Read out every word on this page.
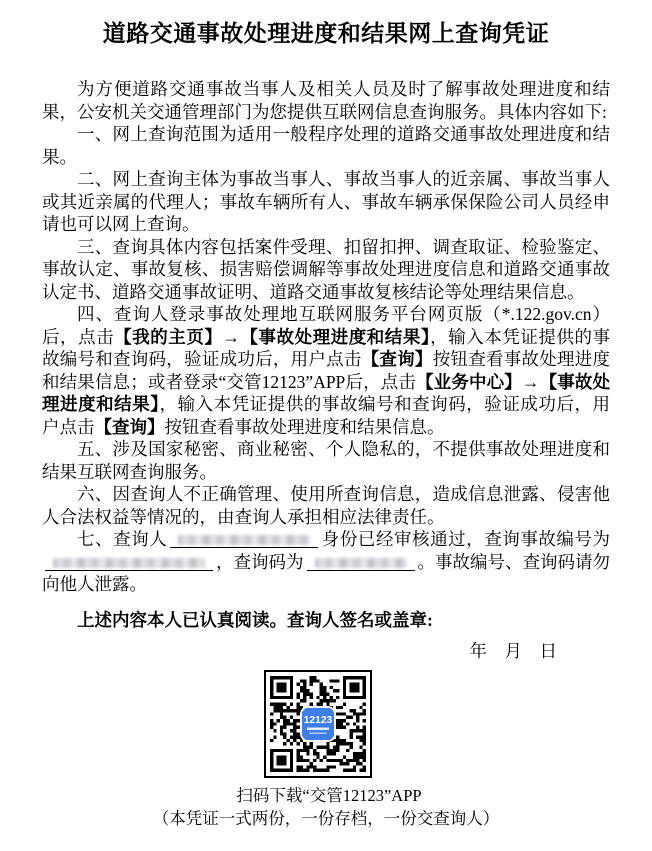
道路交通事故处理进度和结果网上查询凭证
为方便道路交通事故当事人及相关人员及时了解事故处理进度和结果，公安机关交通管理部门为您提供互联网信息查询服务。具体内容如下:
一、网上查询范围为适用一般程序处理的道路交通事故处理进度和结果。
二、网上查询主体为事故当事人、事故当事人的近亲属、事故当事人或其近亲属的代理人；事故车辆所有人、事故车辆承保保险公司人员经申请也可以网上查询。
三、查询具体内容包括案件受理、扣留扣押、调查取证、检验鉴定、事故认定、事故复核、损害赔偿调解等事故处理进度信息和道路交通事故认定书、道路交通事故证明、道路交通事故复核结论等处理结果信息。
四、查询人登录事故处理地互联网服务平台网页版（*.122.gov.cn）后，点击【我的主页】→【事故处理进度和结果】，输入本凭证提供的事故编号和查询码，验证成功后，用户点击【查询】按钮查看事故处理进度和结果信息；或者登录“交管12123”APP后，点击【业务中心】→【事故处理进度和结果】，输入本凭证提供的事故编号和查询码，验证成功后，用户点击【查询】按钮查看事故处理进度和结果信息。
五、涉及国家秘密、商业秘密、个人隐私的，不提供事故处理进度和结果互联网查询服务。
六、因查询人不正确管理、使用所查询信息，造成信息泄露、侵害他人合法权益等情况的，由查询人承担相应法律责任。
七、查询人	身份已经审核通过，查询事故编号为，查询码为	。事故编号、查询码请勿向他人泄露。
上述内容本人已认真阅读。查询人签名或盖章:
年　月　日
12123
扫码下载“交管12123”APP
（本凭证一式两份，一份存档，一份交查询人）
